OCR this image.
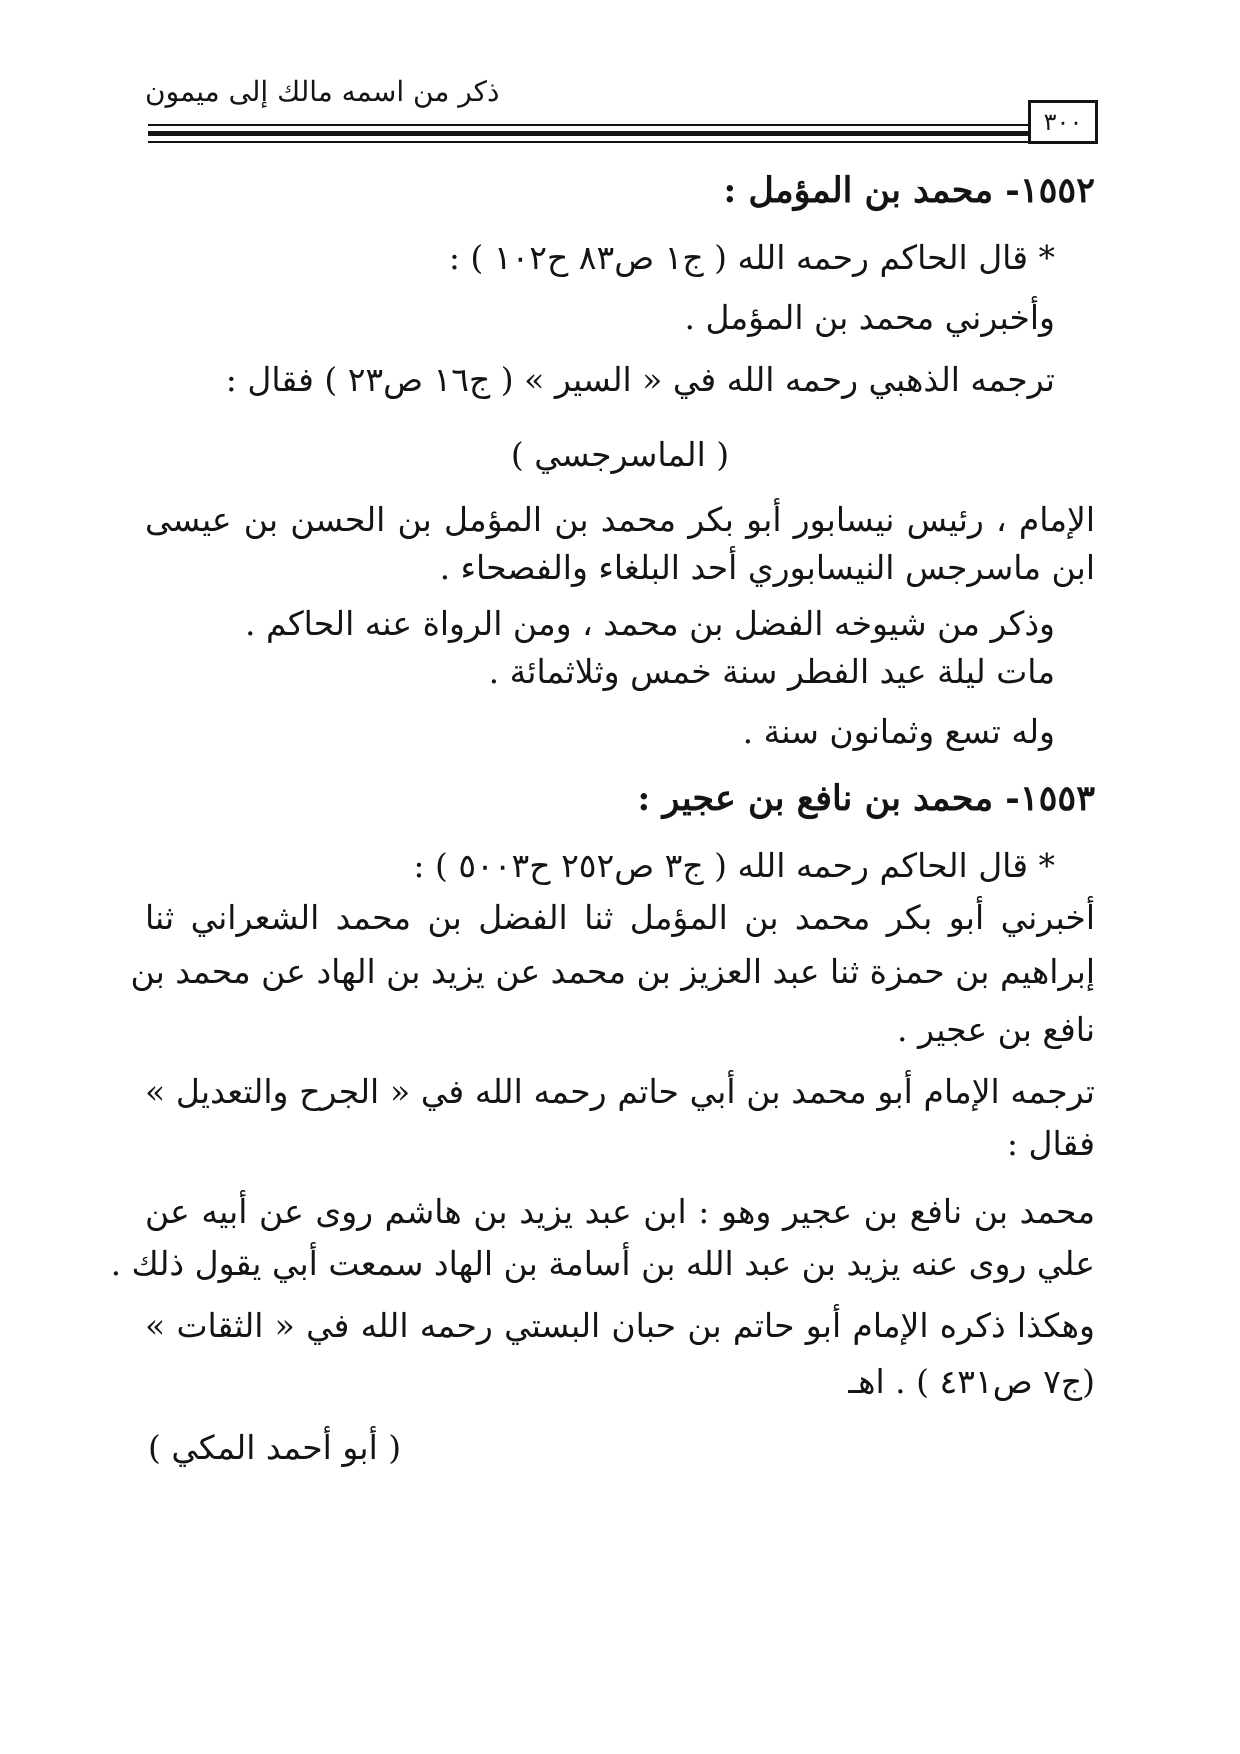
ذكر من اسمه مالك إلى ميمون
٣٠٠
١٥٥٢- محمد بن المؤمل :
* قال الحاكم رحمه الله ( ج١ ص٨٣ ح١٠٢ ) :
وأخبرني محمد بن المؤمل .
ترجمه الذهبي رحمه الله في « السير » ( ج١٦ ص٢٣ ) فقال :
( الماسرجسي )
الإمام ، رئيس نيسابور أبو بكر محمد بن المؤمل بن الحسن بن عيسى
ابن ماسرجس النيسابوري أحد البلغاء والفصحاء .
وذكر من شيوخه الفضل بن محمد ، ومن الرواة عنه الحاكم .
مات ليلة عيد الفطر سنة خمس وثلاثمائة .
وله تسع وثمانون سنة .
١٥٥٣- محمد بن نافع بن عجير :
* قال الحاكم رحمه الله ( ج٣ ص٢٥٢ ح٥٠٠٣ ) :
أخبرني أبو بكر محمد بن المؤمل ثنا الفضل بن محمد الشعراني ثنا
إبراهيم بن حمزة ثنا عبد العزيز بن محمد عن يزيد بن الهاد عن محمد بن
نافع بن عجير .
ترجمه الإمام أبو محمد بن أبي حاتم رحمه الله في « الجرح والتعديل »
فقال :
محمد بن نافع بن عجير وهو : ابن عبد يزيد بن هاشم روى عن أبيه عن
علي روى عنه يزيد بن عبد الله بن أسامة بن الهاد سمعت أبي يقول ذلك .
وهكذا ذكره الإمام أبو حاتم بن حبان البستي رحمه الله في « الثقات »
(ج٧ ص٤٣١ ) . اهـ
( أبو أحمد المكي )
